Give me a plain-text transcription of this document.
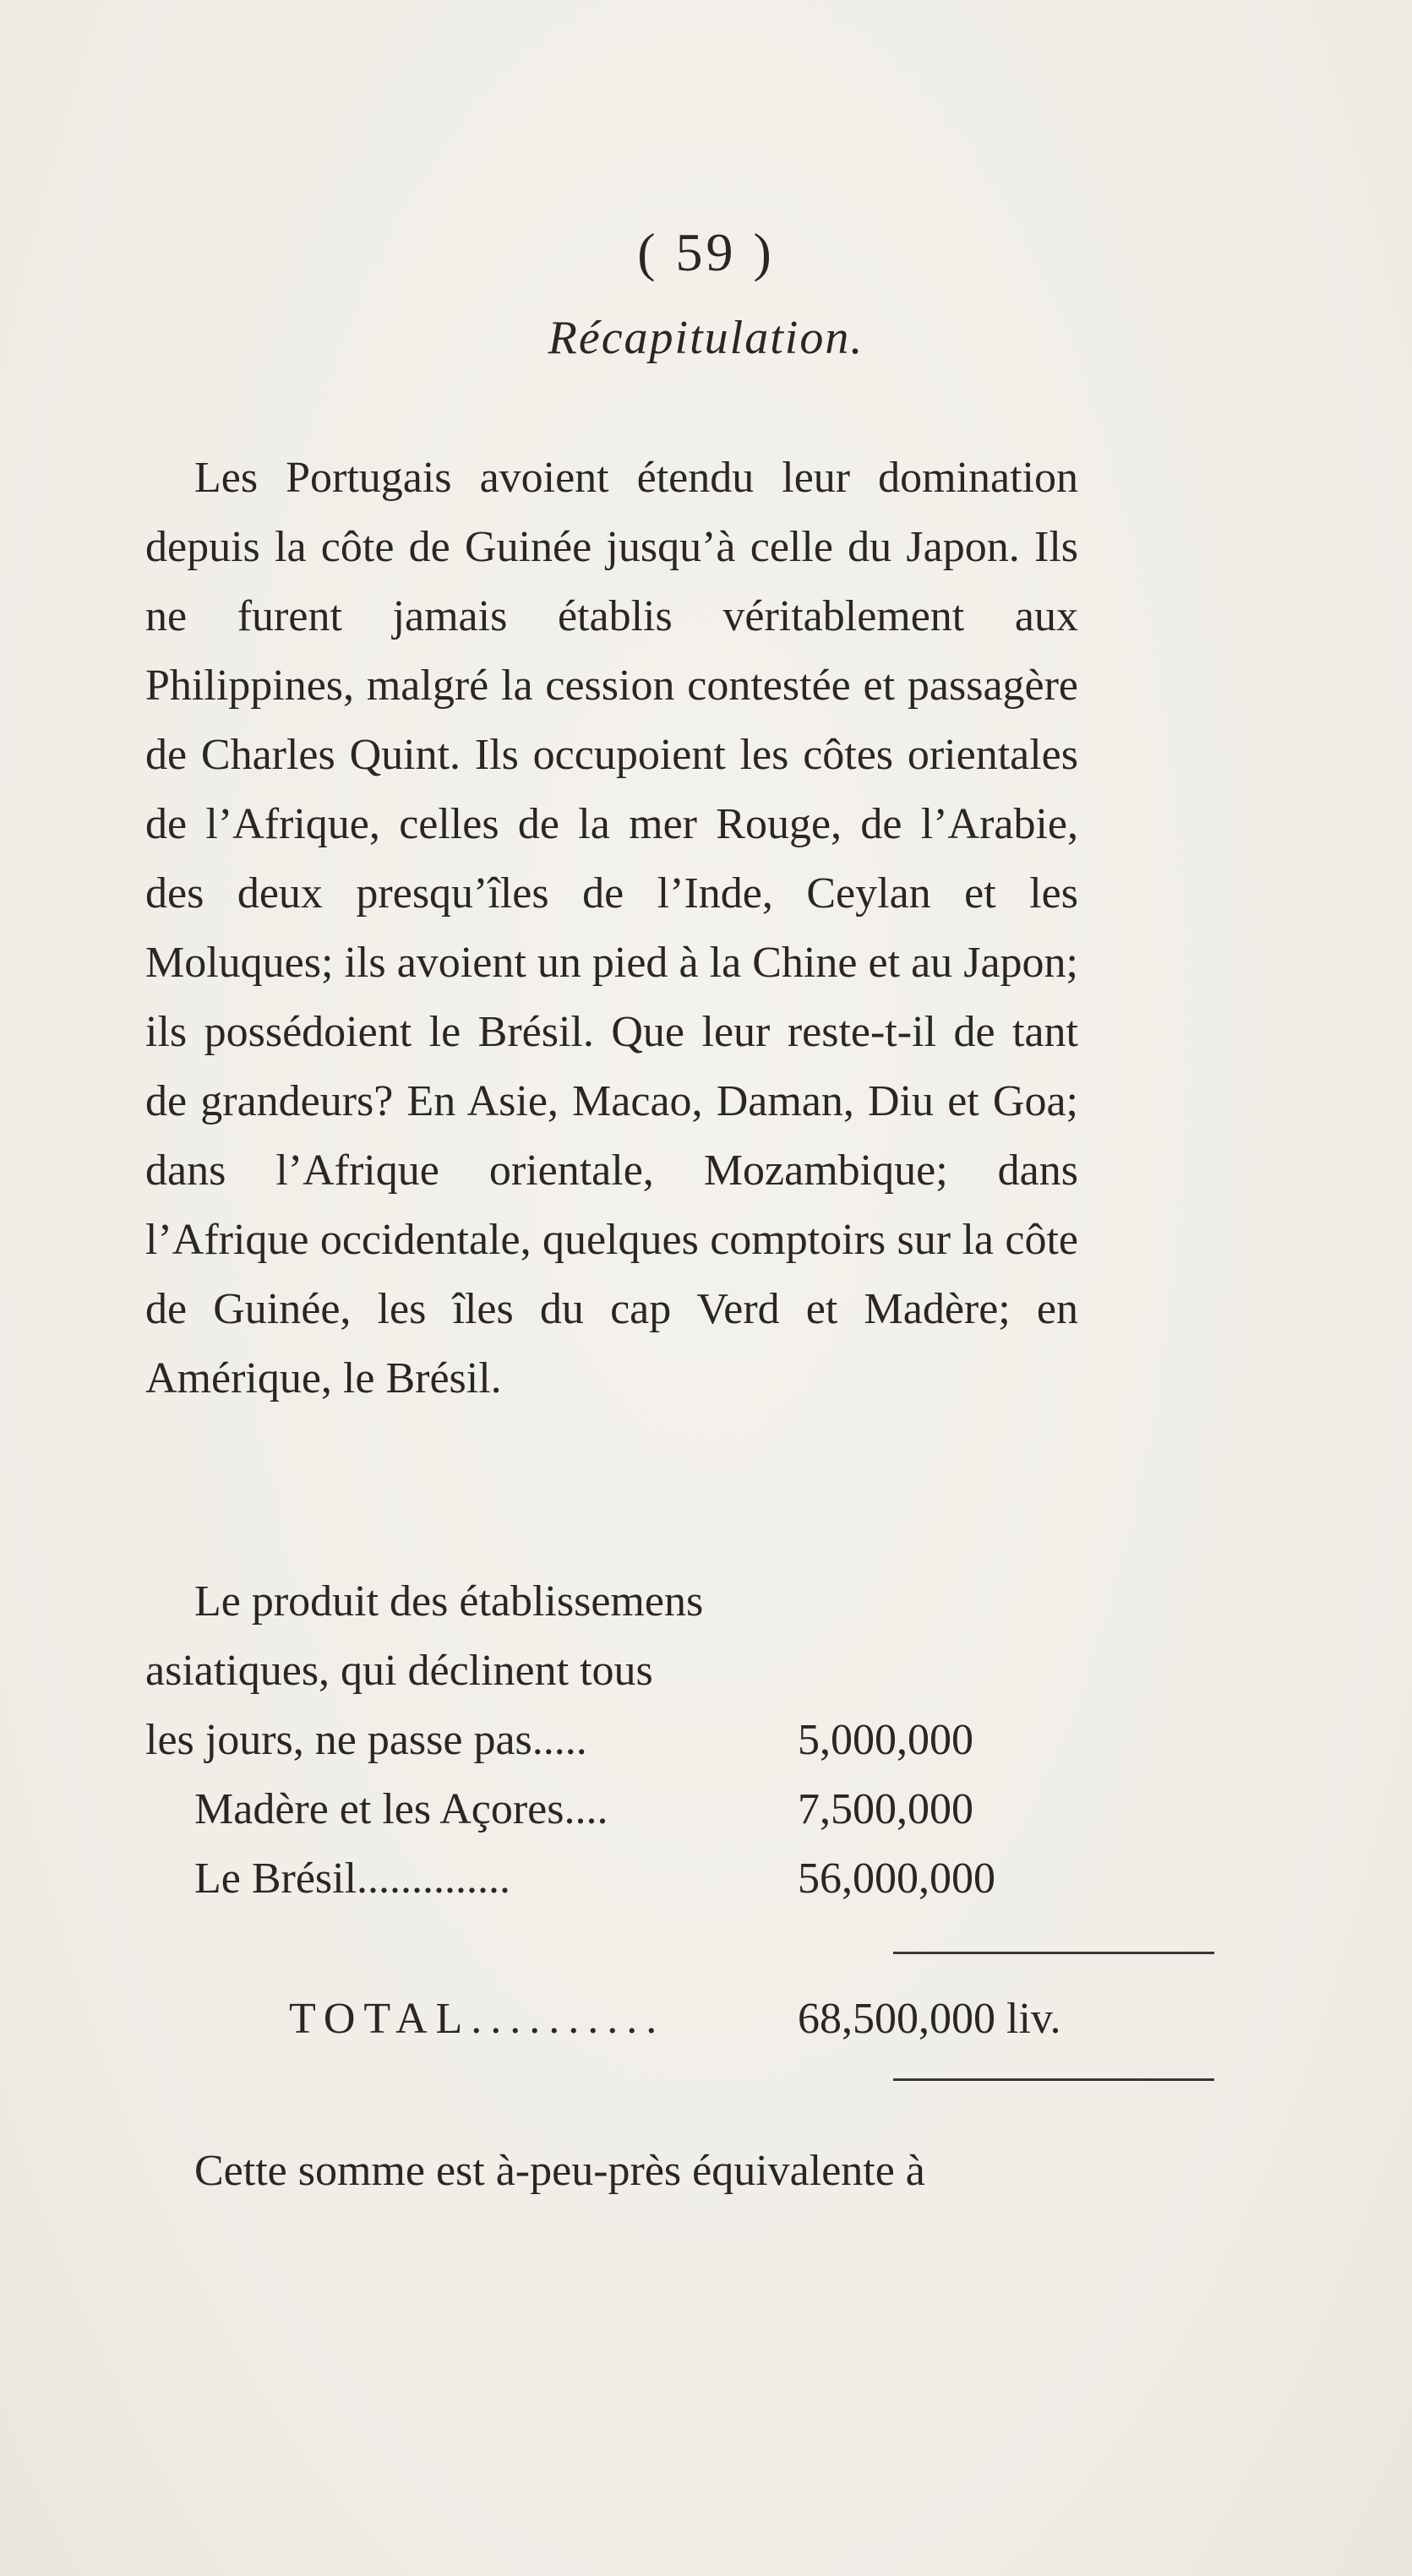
( 59 )
Récapitulation.
Les Portugais avoient étendu leur domination depuis la côte de Guinée jusqu’à celle du Japon. Ils ne furent jamais établis véritablement aux Philippines, malgré la cession contestée et passagère de Charles Quint. Ils occupoient les côtes orientales de l’Afrique, celles de la mer Rouge, de l’Arabie, des deux presqu’îles de l’Inde, Ceylan et les Moluques; ils avoient un pied à la Chine et au Japon; ils possédoient le Brésil. Que leur reste-t-il de tant de grandeurs? En Asie, Macao, Daman, Diu et Goa; dans l’Afrique orientale, Mozambique; dans l’Afrique occidentale, quelques comptoirs sur la côte de Guinée, les îles du cap Verd et Madère; en Amérique, le Brésil.
Le produit des établissemens asiatiques, qui déclinent tous
les jours, ne passe pas.....	5,000,000
Madère et les Açores....	7,500,000
Le Brésil..............	56,000,000
TOTAL..........	68,500,000 liv.
Cette somme est à-peu-près équivalente à
